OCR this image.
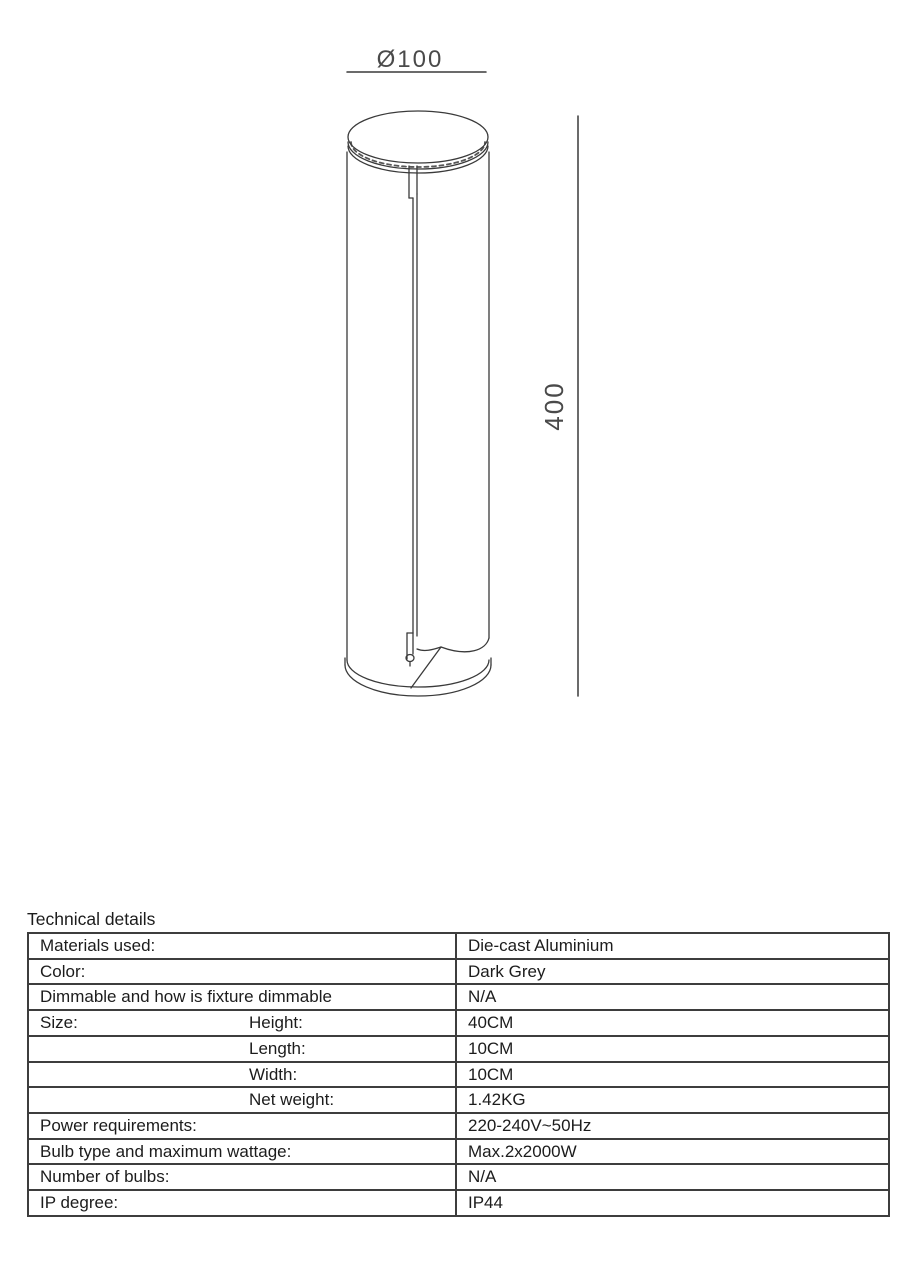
Ø100
400
Technical details
Materials used:	Die-cast Aluminium
Color:	Dark Grey
Dimmable and how is fixture dimmable	N/A
Size: Height:	40CM

Length:	10CM

Width:	10CM

Net weight:	1.42KG
Power requirements:	220-240V~50Hz
Bulb type and maximum wattage:	Max.2x2000W
Number of bulbs:	N/A
IP degree:	IP44
